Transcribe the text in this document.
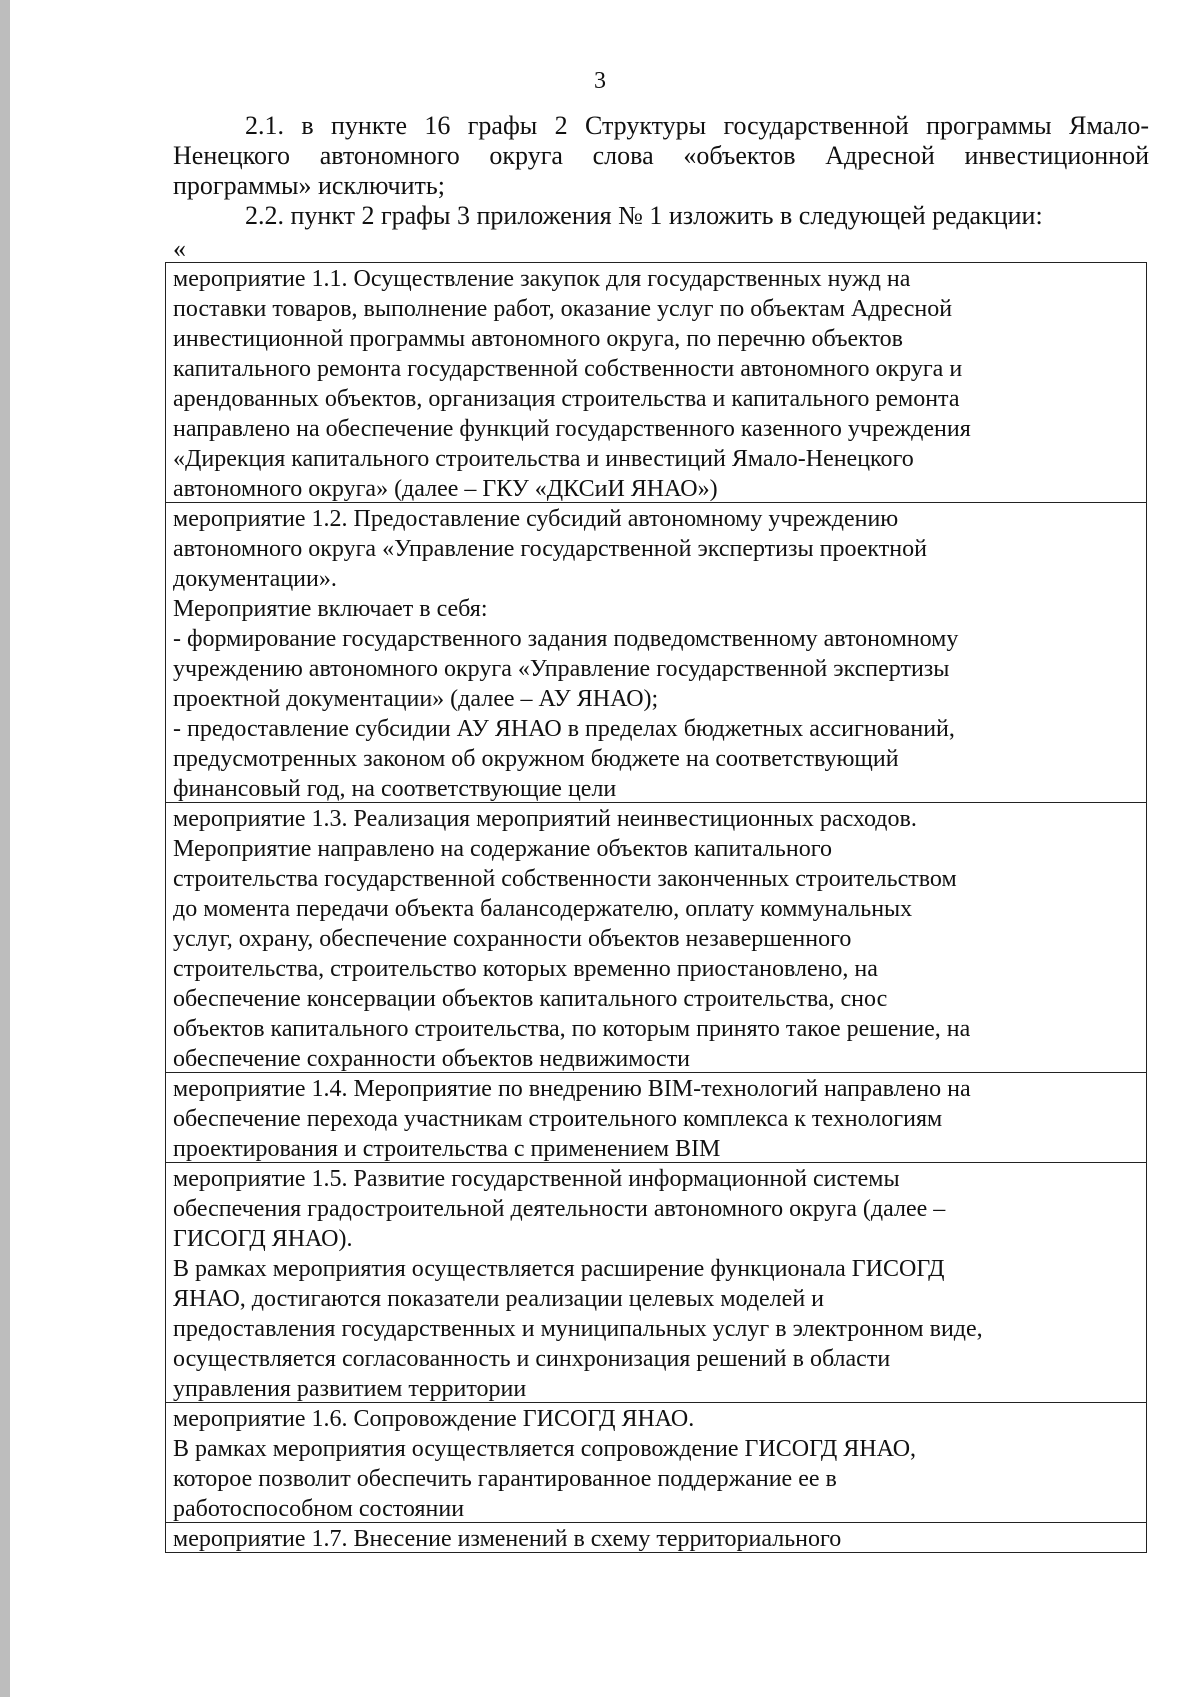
3

2.1. в пункте 16 графы 2 Структуры государственной программы Ямало- Ненецкого автономного округа слова «объектов Адресной инвестиционной программы» исключить;

2.2. пункт 2 графы 3 приложения № 1 изложить в следующей редакции:

«
мероприятие 1.1. Осуществление закупок для государственных нужд на
поставки товаров, выполнение работ, оказание услуг по объектам Адресной
инвестиционной программы автономного округа, по перечню объектов
капитального ремонта государственной собственности автономного округа и
арендованных объектов, организация строительства и капитального ремонта
направлено на обеспечение функций государственного казенного учреждения
«Дирекция капитального строительства и инвестиций Ямало-Ненецкого
автономного округа» (далее – ГКУ «ДКСиИ ЯНАО»)

мероприятие 1.2. Предоставление субсидий автономному учреждению
автономного округа «Управление государственной экспертизы проектной
документации».
Мероприятие включает в себя:
- формирование государственного задания подведомственному автономному
учреждению автономного округа «Управление государственной экспертизы
проектной документации» (далее – АУ ЯНАО);
- предоставление субсидии АУ ЯНАО в пределах бюджетных ассигнований,
предусмотренных законом об окружном бюджете на соответствующий
финансовый год, на соответствующие цели

мероприятие 1.3. Реализация мероприятий неинвестиционных расходов.
Мероприятие направлено на содержание объектов капитального
строительства государственной собственности законченных строительством
до момента передачи объекта балансодержателю, оплату коммунальных
услуг, охрану, обеспечение сохранности объектов незавершенного
строительства, строительство которых временно приостановлено, на
обеспечение консервации объектов капитального строительства, снос
объектов капитального строительства, по которым принято такое решение, на
обеспечение сохранности объектов недвижимости

мероприятие 1.4. Мероприятие по внедрению BIM-технологий направлено на
обеспечение перехода участникам строительного комплекса к технологиям
проектирования и строительства с применением BIM

мероприятие 1.5. Развитие государственной информационной системы
обеспечения градостроительной деятельности автономного округа (далее –
ГИСОГД ЯНАО).
В рамках мероприятия осуществляется расширение функционала ГИСОГД
ЯНАО, достигаются показатели реализации целевых моделей и
предоставления государственных и муниципальных услуг в электронном виде,
осуществляется согласованность и синхронизация решений в области
управления развитием территории

мероприятие 1.6. Сопровождение ГИСОГД ЯНАО.
В рамках мероприятия осуществляется сопровождение ГИСОГД ЯНАО,
которое позволит обеспечить гарантированное поддержание ее в
работоспособном состоянии

мероприятие 1.7. Внесение изменений в схему территориального
